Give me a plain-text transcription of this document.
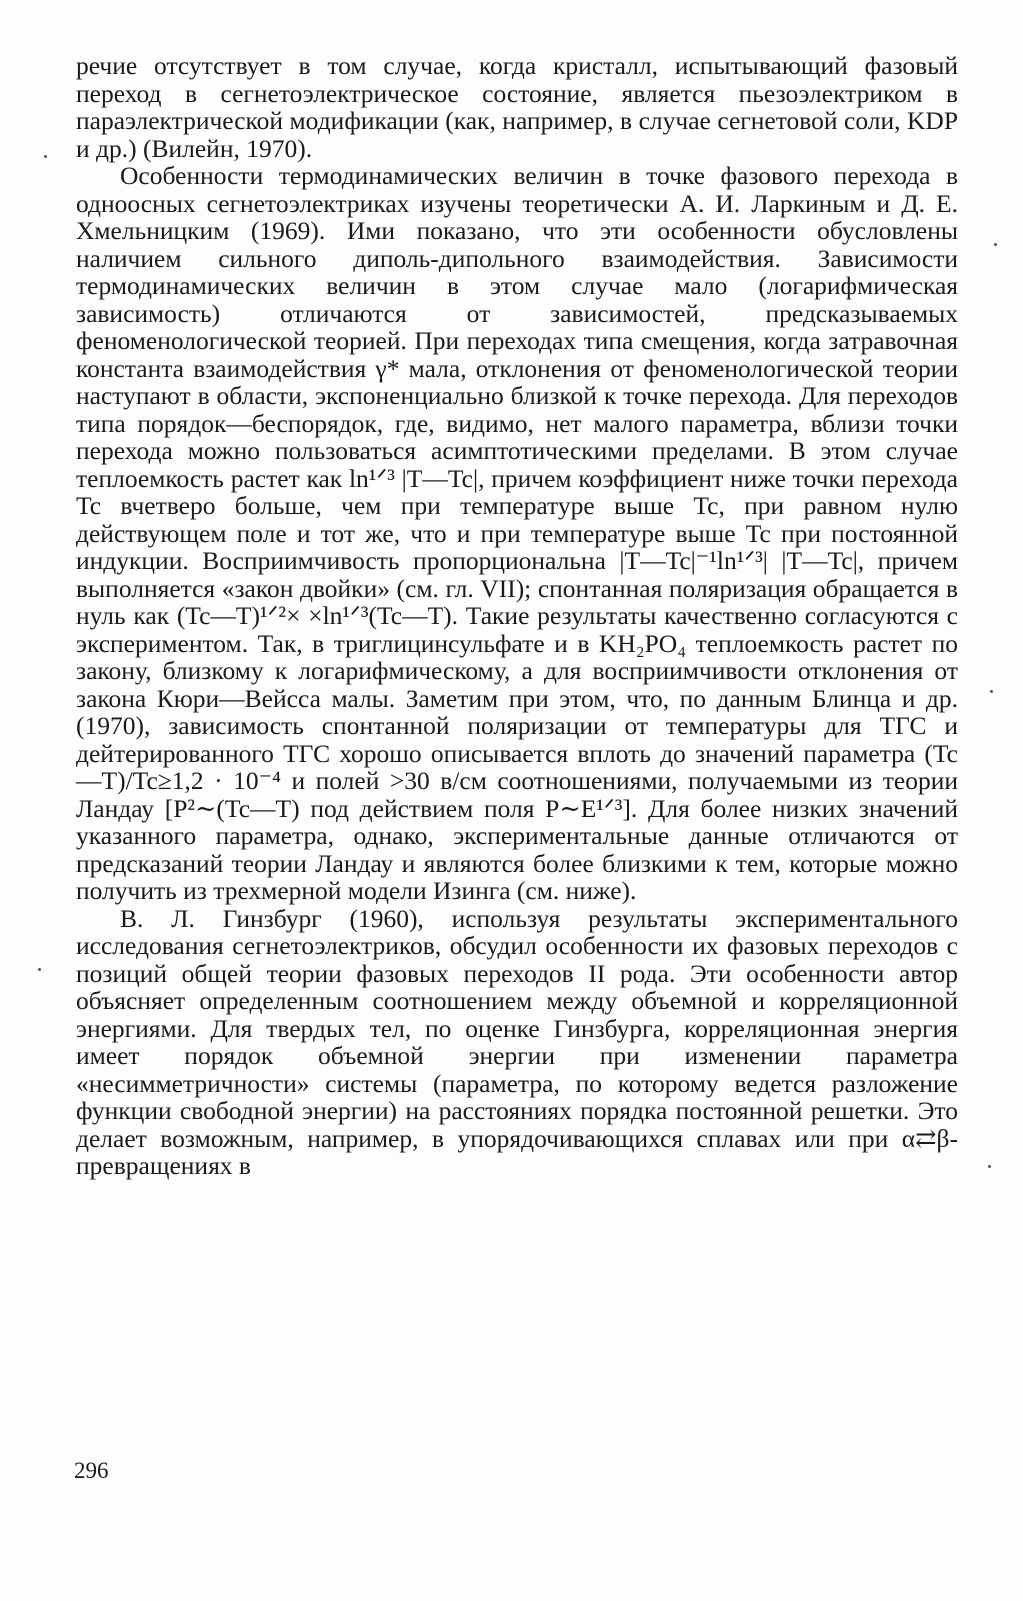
речие отсутствует в том случае, когда кристалл, испытывающий фазовый переход в сегнетоэлектрическое состояние, является пьезоэлектриком в параэлектрической модификации (как, например, в случае сегнетовой соли, KDP и др.) (Вилейн, 1970).

Особенности термодинамических величин в точке фазового перехода в одноосных сегнетоэлектриках изучены теоретически А. И. Ларкиным и Д. Е. Хмельницким (1969). Ими показано, что эти особенности обусловлены наличием сильного диполь-дипольного взаимодействия. Зависимости термодинамических величин в этом случае мало (логарифмическая зависимость) отличаются от зависимостей, предсказываемых феноменологической теорией. При переходах типа смещения, когда затравочная константа взаимодействия γ* мала, отклонения от феноменологической теории наступают в области, экспоненциально близкой к точке перехода. Для переходов типа порядок—беспорядок, где, видимо, нет малого параметра, вблизи точки перехода можно пользоваться асимптотическими пределами. В этом случае теплоемкость растет как ln¹ᐟ³ |T—Tc|, причем коэффициент ниже точки перехода Tc вчетверо больше, чем при температуре выше Tc, при равном нулю действующем поле и тот же, что и при температуре выше Tc при постоянной индукции. Восприимчивость пропорциональна |T—Tc|⁻¹ln¹ᐟ³| |T—Tc|, причем выполняется «закон двойки» (см. гл. VII); спонтанная поляризация обращается в нуль как (Tc—T)¹ᐟ²× ×ln¹ᐟ³(Tc—T). Такие результаты качественно согласуются с экспериментом. Так, в триглицинсульфате и в KH₂PO₄ теплоемкость растет по закону, близкому к логарифмическому, а для восприимчивости отклонения от закона Кюри—Вейсса малы. Заметим при этом, что, по данным Блинца и др. (1970), зависимость спонтанной поляризации от температуры для ТГС и дейтерированного ТГС хорошо описывается вплоть до значений параметра (Tc—T)/Tc≥1,2 · 10⁻⁴ и полей >30 в/см соотношениями, получаемыми из теории Ландау [P²∼(Tc—T) под действием поля P∼E¹ᐟ³]. Для более низких значений указанного параметра, однако, экспериментальные данные отличаются от предсказаний теории Ландау и являются более близкими к тем, которые можно получить из трехмерной модели Изинга (см. ниже).

В. Л. Гинзбург (1960), используя результаты экспериментального исследования сегнетоэлектриков, обсудил особенности их фазовых переходов с позиций общей теории фазовых переходов II рода. Эти особенности автор объясняет определенным соотношением между объемной и корреляционной энергиями. Для твердых тел, по оценке Гинзбурга, корреляционная энергия имеет порядок объемной энергии при изменении параметра «несимметричности» системы (параметра, по которому ведется разложение функции свободной энергии) на расстояниях порядка постоянной решетки. Это делает возможным, например, в упорядочивающихся сплавах или при α⇄β-превращениях в

296
